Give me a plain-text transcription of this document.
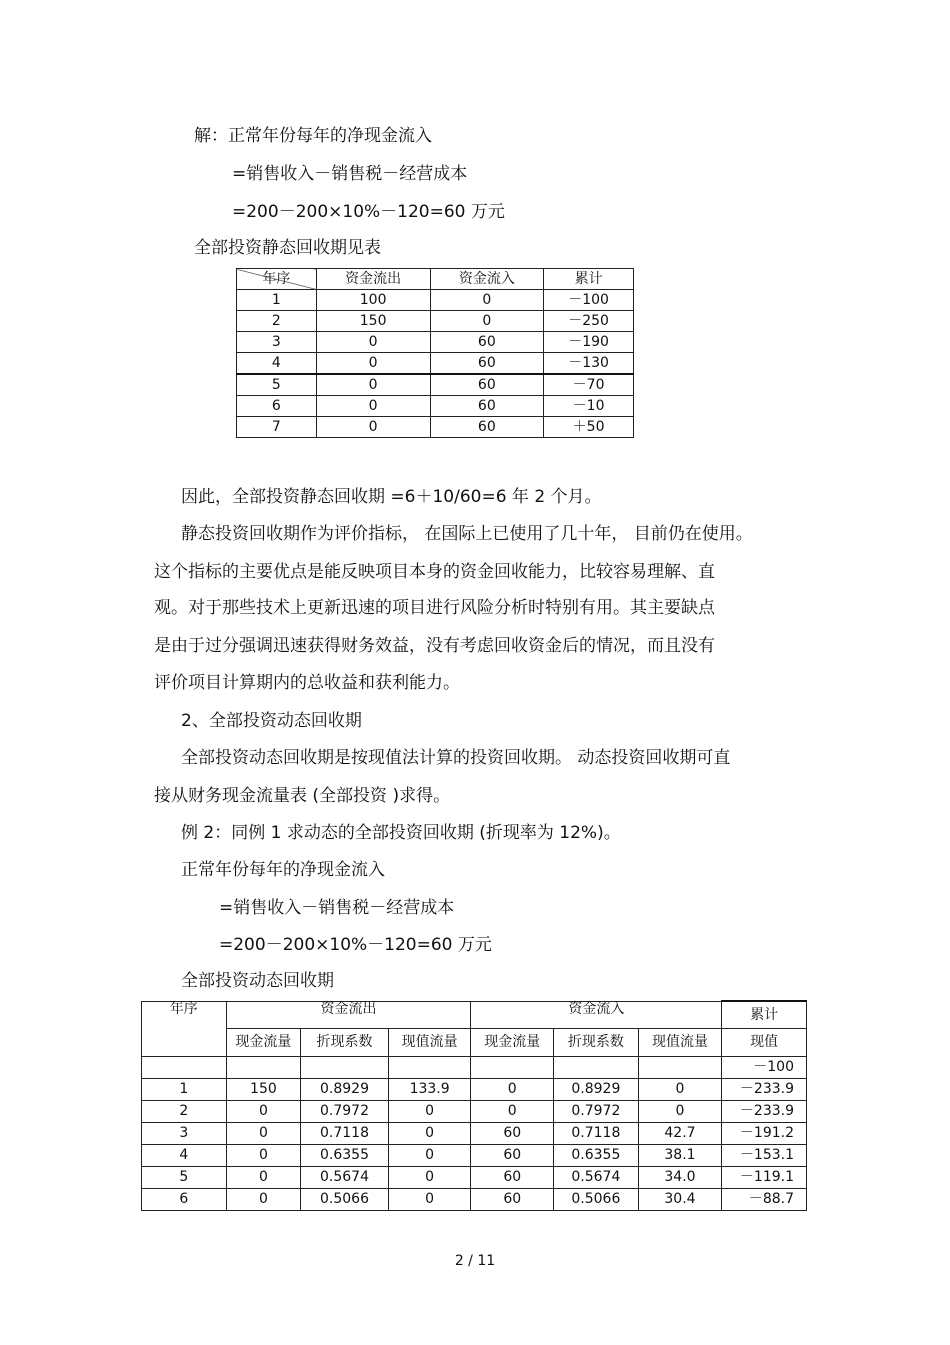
解：正常年份每年的净现金流入
=销售收入－销售税－经营成本
=200－200×10%－120=60 万元
全部投资静态回收期见表
年序	资金流出	资金流入	累计
1	100	0	－100
2	150	0	－250
3	0	60	－190
4	0	60	－130
5	0	60	－70
6	0	60	－10
7	0	60	＋50
因此，全部投资静态回收期 =6＋10/60=6 年 2 个月。
静态投资回收期作为评价指标， 在国际上已使用了几十年， 目前仍在使用。
这个指标的主要优点是能反映项目本身的资金回收能力，比较容易理解、直
观。对于那些技术上更新迅速的项目进行风险分析时特别有用。其主要缺点
是由于过分强调迅速获得财务效益，没有考虑回收资金后的情况，而且没有
评价项目计算期内的总收益和获利能力。
2、全部投资动态回收期
全部投资动态回收期是按现值法计算的投资回收期。 动态投资回收期可直
接从财务现金流量表 (全部投资 )求得。
例 2：同例 1 求动态的全部投资回收期 (折现率为 12%)。
正常年份每年的净现金流入
=销售收入－销售税－经营成本
=200－200×10%－120=60 万元
全部投资动态回收期
年序	资金流出			资金流入			累计
	现金流量	折现系数	现值流量	现金流量	折现系数	现值流量	现值
							－100
1	150	0.8929	133.9	0	0.8929	0	－233.9
2	0	0.7972	0	0	0.7972	0	－233.9
3	0	0.7118	0	60	0.7118	42.7	－191.2
4	0	0.6355	0	60	0.6355	38.1	－153.1
5	0	0.5674	0	60	0.5674	34.0	－119.1
6	0	0.5066	0	60	0.5066	30.4	－88.7
2 / 11
